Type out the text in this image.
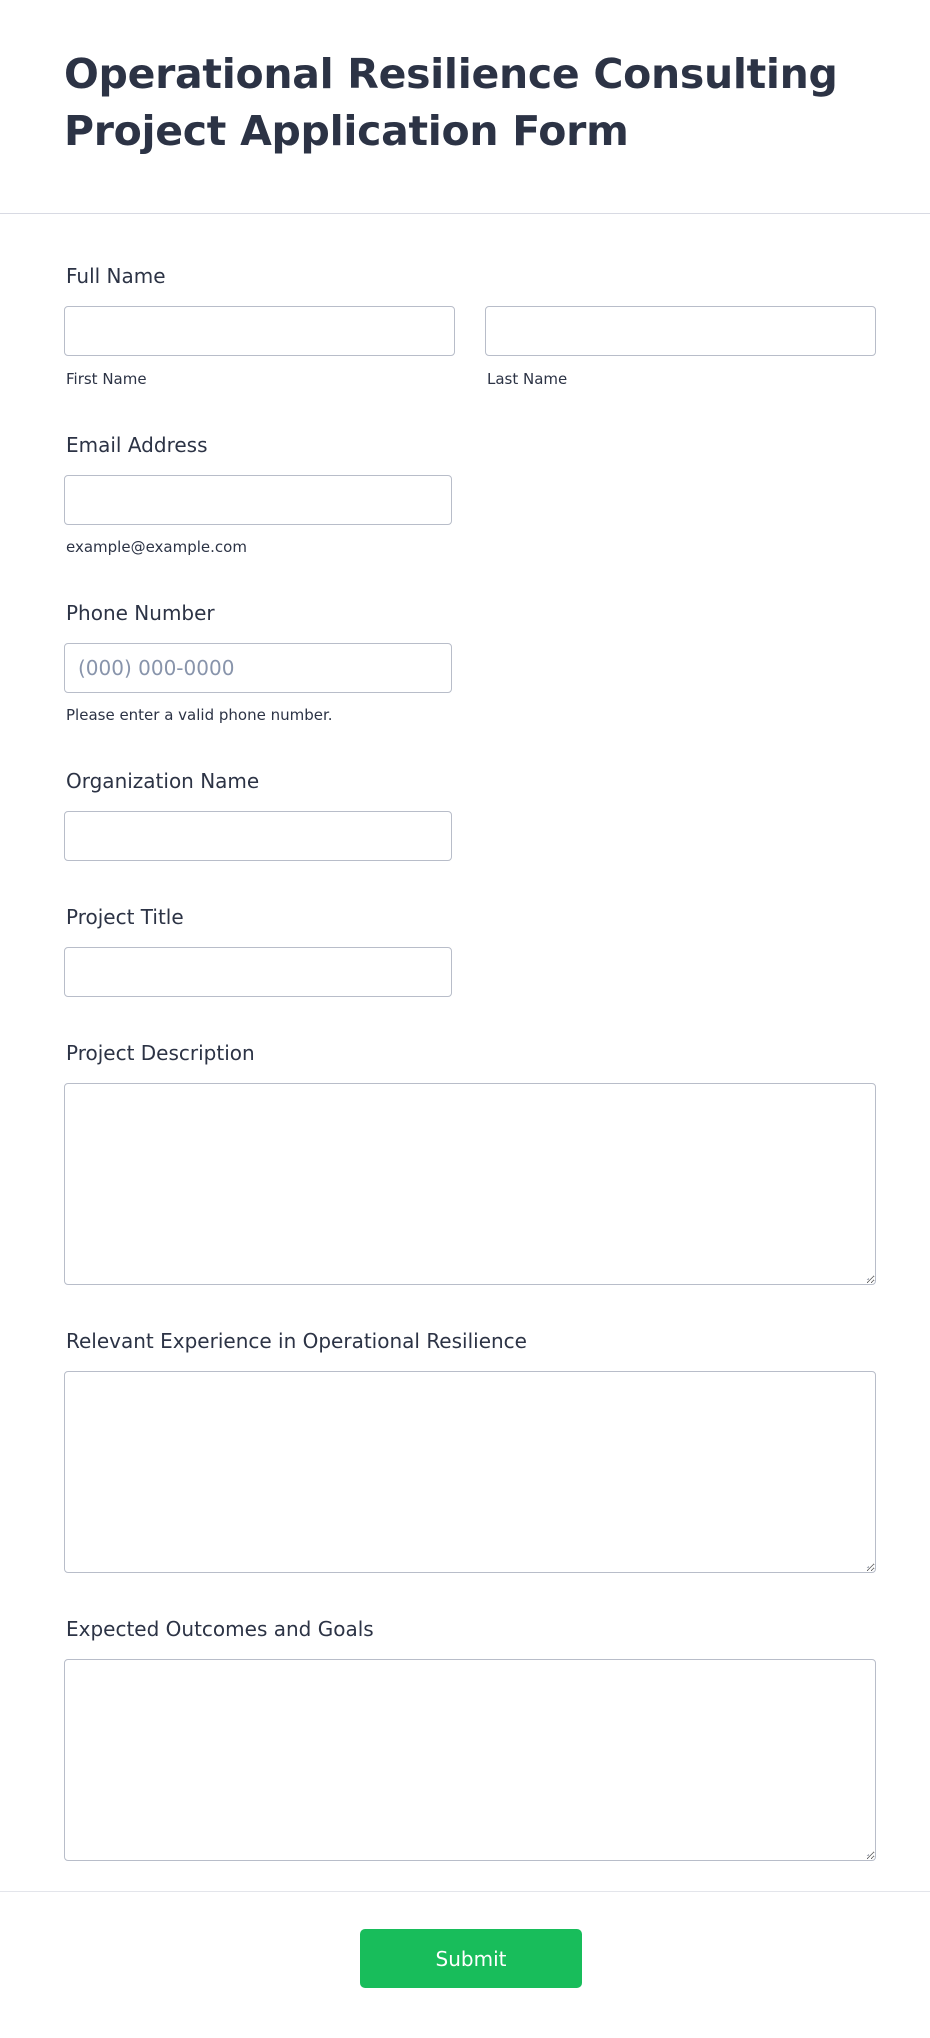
Operational Resilience Consulting Project Application Form
Full Name
First Name	Last Name
Email Address
example@example.com
Phone Number
(000) 000-0000
Please enter a valid phone number.
Organization Name
Project Title
Project Description
Relevant Experience in Operational Resilience
Expected Outcomes and Goals
Submit
